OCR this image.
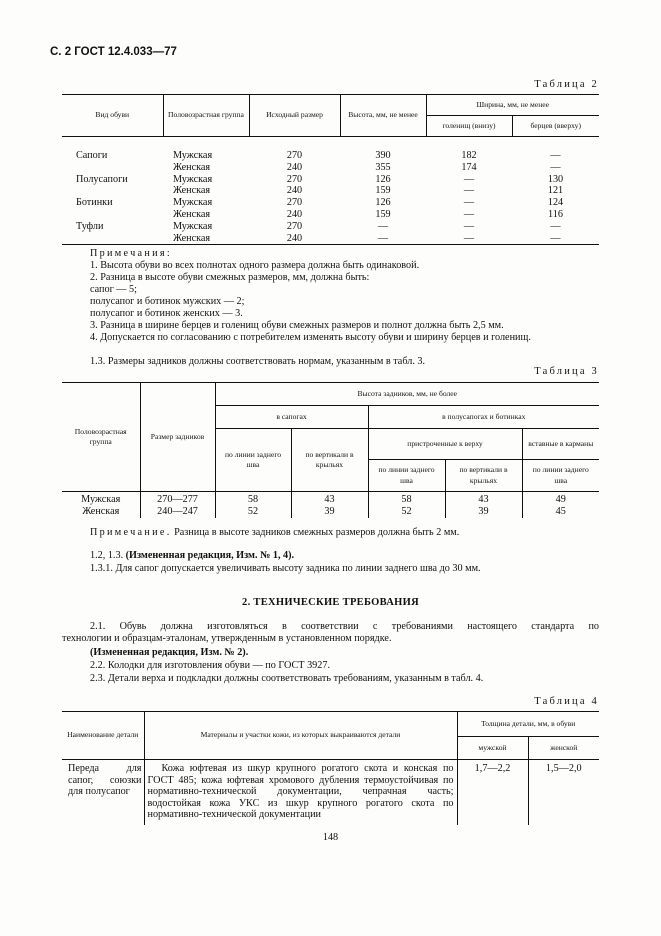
С. 2 ГОСТ 12.4.033—77
Таблица 2
Вид обуви	Половозрастная группа	Исходный размер	Высота, мм, не менее	Ширина, мм, не менее	
				голенищ (внизу)	берцев (вверху)
Сапоги	Мужская	270	390	182	—
	Женская	240	355	174	—
Полусапоги	Мужская	270	126	—	130
	Женская	240	159	—	121
Ботинки	Мужская	270	126	—	124
	Женская	240	159	—	116
Туфли	Мужская	270	—	—	—
	Женская	240	—	—	—
Примечания:
1. Высота обуви во всех полнотах одного размера должна быть одинаковой.
2. Разница в высоте обуви смежных размеров, мм, должна быть:
сапог — 5;
полусапог и ботинок мужских — 2;
полусапог и ботинок женских — 3.
3. Разница в ширине берцев и голенищ обуви смежных размеров и полнот должна быть 2,5 мм.
4. Допускается по согласованию с потребителем изменять высоту обуви и ширину берцев и голенищ.
1.3. Размеры задников должны соответствовать нормам, указанным в табл. 3.
Таблица 3
Половозрастная группа	Размер задников	Высота задников, мм, не более				
		в сапогах		в полусапогах и ботинках		
		по линии заднего шва	по вертикали в крыльях	пристроченные к верху		вставные в карманы
				по линии заднего шва	по вертикали в крыльях	по линии заднего шва
Мужская	270—277	58	43	58	43	49
Женская	240—247	52	39	52	39	45
Примечание. Разница в высоте задников смежных размеров должна быть 2 мм.
1.2, 1.3. (Измененная редакция, Изм. № 1, 4).
1.3.1. Для сапог допускается увеличивать высоту задника по линии заднего шва до 30 мм.
2. ТЕХНИЧЕСКИЕ ТРЕБОВАНИЯ
2.1. Обувь должна изготовляться в соответствии с требованиями настоящего стандарта по
технологии и образцам-эталонам, утвержденным в установленном порядке.
(Измененная редакция, Изм. № 2).
2.2. Колодки для изготовления обуви — по ГОСТ 3927.
2.3. Детали верха и подкладки должны соответствовать требованиям, указанным в табл. 4.
Таблица 4
Наименование детали	Материалы и участки кожи, из которых выкраиваются детали	Толщина детали, мм, в обуви	
		мужской	женской
Переда для сапог, союзки для полусапог	Кожа юфтевая из шкур крупного рогатого скота и конская по ГОСТ 485; кожа юфтевая хромового дубления термоустойчивая по нормативно-технической документации, чепрачная часть; водостойкая кожа УКС из шкур крупного рогатого скота по нормативно-технической документации	1,7—2,2	1,5—2,0
148
